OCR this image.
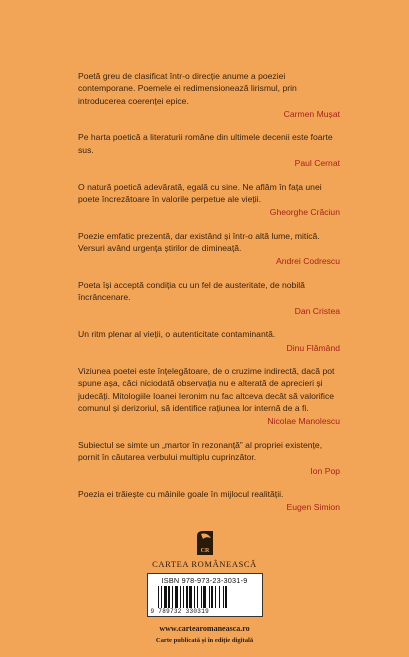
Poetă greu de clasificat într-o direcție anume a poeziei contemporane. Poemele ei redimensionează lirismul, prin introducerea coerenței epice.
Carmen Mușat
Pe harta poetică a literaturii române din ultimele decenii este foarte sus.
Paul Cernat
O natură poetică adevărată, egală cu sine. Ne aflăm în fața unei poete încrezătoare în valorile perpetue ale vieții.
Gheorghe Crăciun
Poezie emfatic prezentă, dar existând și într-o altă lume, mitică. Versuri având urgența știrilor de dimineață.
Andrei Codrescu
Poeta își acceptă condiția cu un fel de austeritate, de nobilă încrâncenare.
Dan Cristea
Un ritm plenar al vieții, o autenticitate contaminantă.
Dinu Flămând
Viziunea poetei este înțelegătoare, de o cruzime indirectă, dacă pot spune așa, căci niciodată observația nu e alterată de aprecieri și judecăți. Mitologiile Ioanei Ieronim nu fac altceva decât să valorifice comunul și derizoriul, să identifice rațiunea lor internă de a fi.
Nicolae Manolescu
Subiectul se simte un „martor în rezonanță” al propriei existențe, pornit în căutarea verbului multiplu cuprinzător.
Ion Pop
Poezia ei trăiește cu mâinile goale în mijlocul realității.
Eugen Simion
CR
CARTEA ROMÂNEASCĂ
ISBN 978-973-23-3031-9
9 789732 330319
www.cartearomaneasca.ro
Carte publicată și în ediție digitală
